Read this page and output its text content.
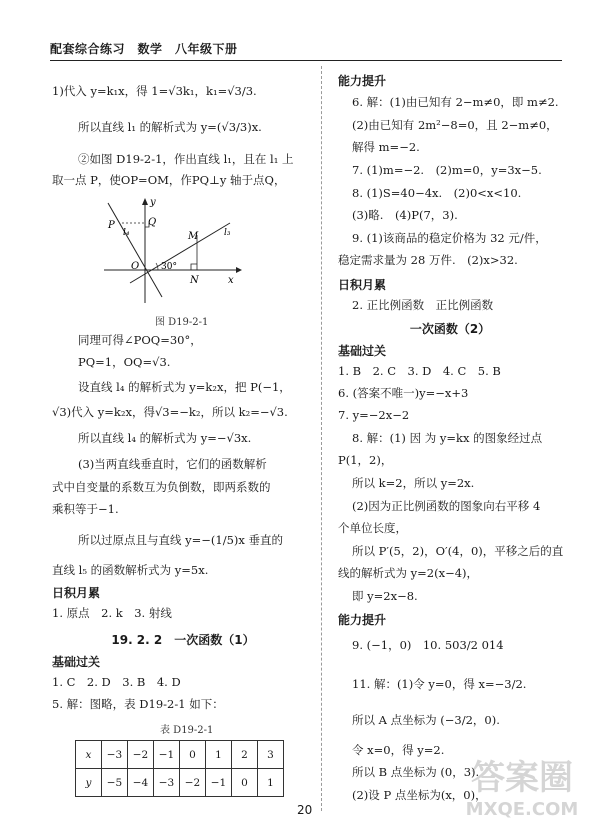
配套综合练习　数学　八年级下册
1)代入 y=k₁x，得 1=√3k₁，k₁=√3/3.
所以直线 l₁ 的解析式为 y=(√3/3)x.
②如图 D19-2-1，作出直线 l₁，且在 l₁ 上
取一点 P，使OP=OM，作PQ⊥y 轴于点Q，
P	Q
l₄
y
l₃
M
O 30°
N	x
图 D19-2-1
同理可得∠POQ=30°，
PQ=1，OQ=√3.
设直线 l₄ 的解析式为 y=k₂x，把 P(−1，
√3)代入 y=k₂x，得√3=−k₂，所以 k₂=−√3.
所以直线 l₄ 的解析式为 y=−√3x.
(3)当两直线垂直时，它们的函数解析
式中自变量的系数互为负倒数，即两系数的
乘积等于−1.
所以过原点且与直线 y=−(1/5)x 垂直的
直线 l₅ 的函数解析式为 y=5x.
日积月累
1. 原点　2. k　3. 射线
19. 2. 2　一次函数（1）
基础过关
1. C　2. D　3. B　4. D
5. 解：图略，表 D19-2-1 如下：
表 D19-2-1
x	−3	−2	−1	0	1	2	3
y	−5	−4	−3	−2	−1	0	1
能力提升
6. 解：(1)由已知有 2−m≠0，即 m≠2.
(2)由已知有 2m²−8=0，且 2−m≠0，
解得 m=−2.
7. (1)m=−2.　(2)m=0，y=3x−5.
8. (1)S=40−4x.　(2)0<x<10.
(3)略.　(4)P(7，3).
9. (1)该商品的稳定价格为 32 元/件，
稳定需求量为 28 万件.　(2)x>32.
日积月累
2. 正比例函数　正比例函数
一次函数（2）
基础过关
1. B　2. C　3. D　4. C　5. B
6. (答案不唯一)y=−x+3
7. y=−2x−2
8. 解：(1) 因 为 y=kx 的图象经过点
P(1，2)，
所以 k=2，所以 y=2x.
(2)因为正比例函数的图象向右平移 4
个单位长度，
所以 P′(5，2)，O′(4，0)，平移之后的直
线的解析式为 y=2(x−4)，
即 y=2x−8.
能力提升
9. (−1，0)　10. 503/2 014
11. 解：(1)令 y=0，得 x=−3/2.
所以 A 点坐标为 (−3/2，0).
令 x=0，得 y=2.
所以 B 点坐标为 (0，3).
(2)设 P 点坐标为(x，0)，
20
答案圈
MXQE.COM
